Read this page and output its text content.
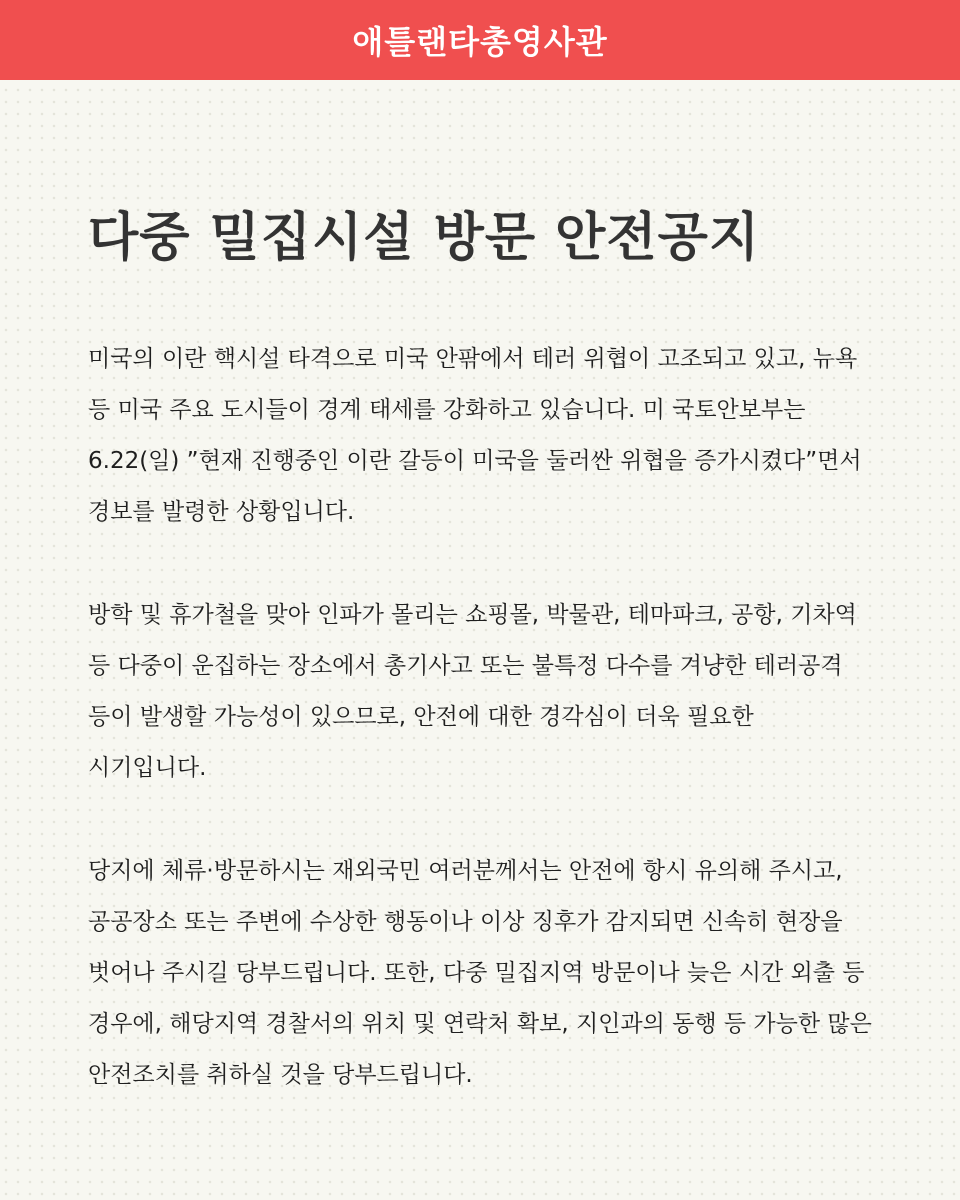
애틀랜타총영사관
다중 밀집시설 방문 안전공지

미국의 이란 핵시설 타격으로 미국 안팎에서 테러 위협이 고조되고 있고, 뉴욕 등 미국 주요 도시들이 경계 태세를 강화하고 있습니다. 미 국토안보부는 6.22(일) ”현재 진행중인 이란 갈등이 미국을 둘러싼 위협을 증가시켰다”면서 경보를 발령한 상황입니다.

방학 및 휴가철을 맞아 인파가 몰리는 쇼핑몰, 박물관, 테마파크, 공항, 기차역 등 다중이 운집하는 장소에서 총기사고 또는 불특정 다수를 겨냥한 테러공격 등이 발생할 가능성이 있으므로, 안전에 대한 경각심이 더욱 필요한 시기입니다.

당지에 체류·방문하시는 재외국민 여러분께서는 안전에 항시 유의해 주시고, 공공장소 또는 주변에 수상한 행동이나 이상 징후가 감지되면 신속히 현장을 벗어나 주시길 당부드립니다. 또한, 다중 밀집지역 방문이나 늦은 시간 외출 등 경우에, 해당지역 경찰서의 위치 및 연락처 확보, 지인과의 동행 등 가능한 많은 안전조치를 취하실 것을 당부드립니다.
